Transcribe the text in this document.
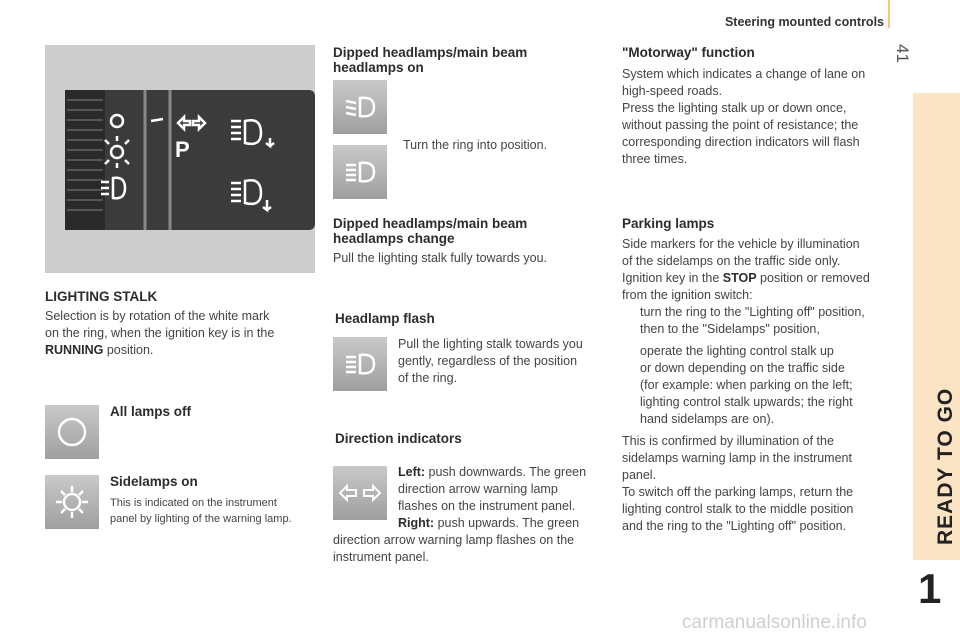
Steering mounted controls
41
READY TO GO
1
carmanualsonline.info
P
LIGHTING STALK
Selection is by rotation of the white mark
on the ring, when the ignition key is in the
RUNNING position.
All lamps off
Sidelamps on
This is indicated on the instrument
panel by lighting of the warning lamp.
Dipped headlamps/main beam
headlamps on
Turn the ring into position.
Dipped headlamps/main beam
headlamps change
Pull the lighting stalk fully towards you.
Headlamp flash
Pull the lighting stalk towards you
gently, regardless of the position
of the ring.
Direction indicators
Left: push downwards. The green
direction arrow warning lamp
flashes on the instrument panel.
Right: push upwards. The green
direction arrow warning lamp flashes on the
instrument panel.
"Motorway" function
System which indicates a change of lane on
high-speed roads.
Press the lighting stalk up or down once,
without passing the point of resistance; the
corresponding direction indicators will flash
three times.
Parking lamps
Side markers for the vehicle by illumination
of the sidelamps on the traffic side only.
Ignition key in the STOP position or removed
from the ignition switch:
turn the ring to the "Lighting off" position,
then to the "Sidelamps" position,
operate the lighting control stalk up
or down depending on the traffic side
(for example: when parking on the left;
lighting control stalk upwards; the right
hand sidelamps are on).
This is confirmed by illumination of the
sidelamps warning lamp in the instrument
panel.
To switch off the parking lamps, return the
lighting control stalk to the middle position
and the ring to the "Lighting off" position.
